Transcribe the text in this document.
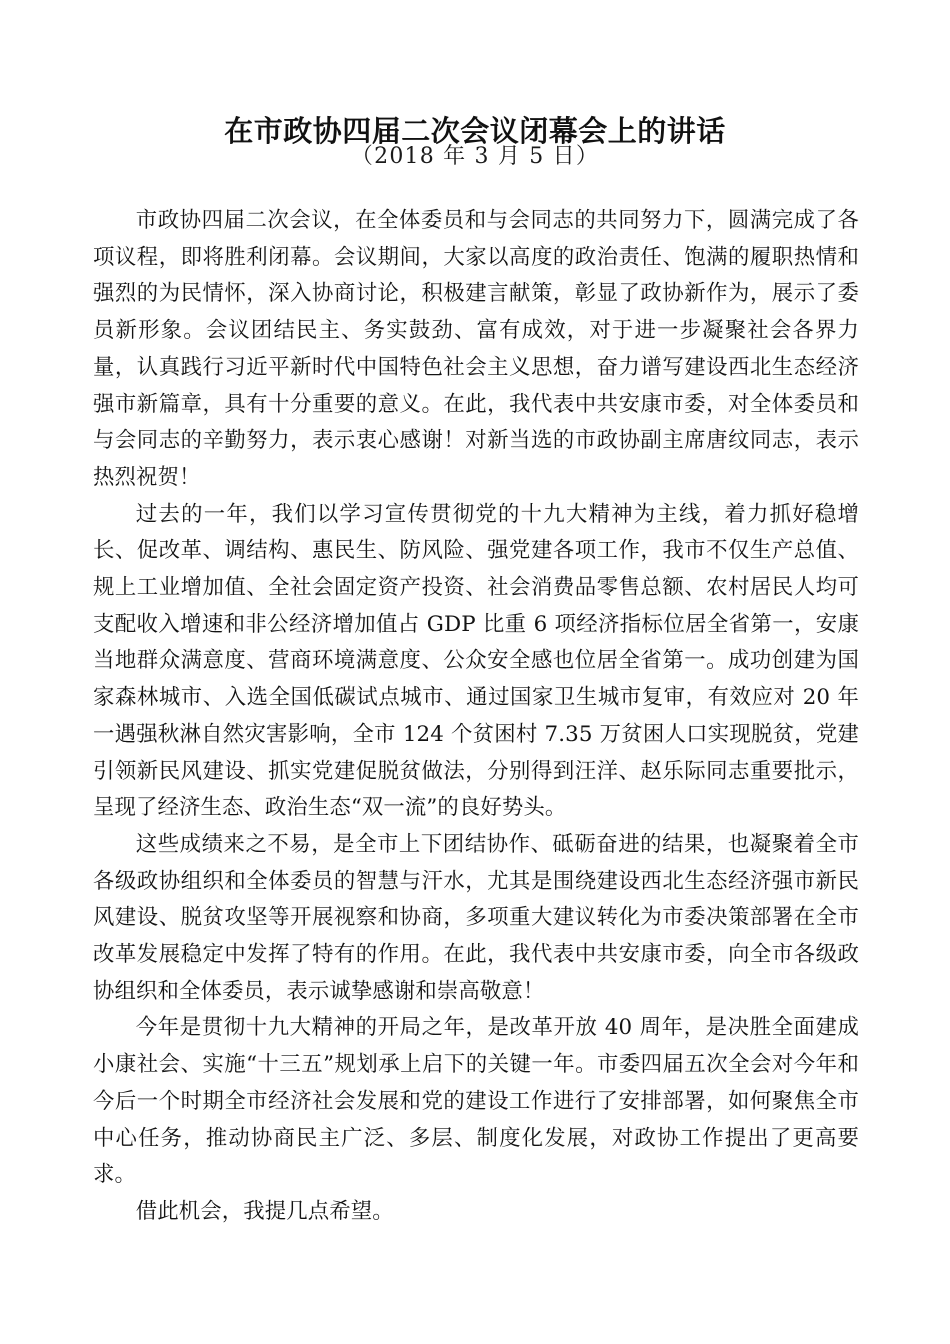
在市政协四届二次会议闭幕会上的讲话
（2018 年 3 月 5 日）

市政协四届二次会议，在全体委员和与会同志的共同努力下，圆满完成了各项议程，即将胜利闭幕。会议期间，大家以高度的政治责任、饱满的履职热情和强烈的为民情怀，深入协商讨论，积极建言献策，彰显了政协新作为，展示了委员新形象。会议团结民主、务实鼓劲、富有成效，对于进一步凝聚社会各界力量，认真践行习近平新时代中国特色社会主义思想，奋力谱写建设西北生态经济强市新篇章，具有十分重要的意义。在此，我代表中共安康市委，对全体委员和与会同志的辛勤努力，表示衷心感谢！对新当选的市政协副主席唐纹同志，表示热烈祝贺！

过去的一年，我们以学习宣传贯彻党的十九大精神为主线，着力抓好稳增长、促改革、调结构、惠民生、防风险、强党建各项工作，我市不仅生产总值、规上工业增加值、全社会固定资产投资、社会消费品零售总额、农村居民人均可支配收入增速和非公经济增加值占 GDP 比重 6 项经济指标位居全省第一，安康当地群众满意度、营商环境满意度、公众安全感也位居全省第一。成功创建为国家森林城市、入选全国低碳试点城市、通过国家卫生城市复审，有效应对 20 年一遇强秋淋自然灾害影响，全市 124 个贫困村 7.35 万贫困人口实现脱贫，党建引领新民风建设、抓实党建促脱贫做法，分别得到汪洋、赵乐际同志重要批示，呈现了经济生态、政治生态“双一流”的良好势头。

这些成绩来之不易，是全市上下团结协作、砥砺奋进的结果，也凝聚着全市各级政协组织和全体委员的智慧与汗水，尤其是围绕建设西北生态经济强市新民风建设、脱贫攻坚等开展视察和协商，多项重大建议转化为市委决策部署在全市改革发展稳定中发挥了特有的作用。在此，我代表中共安康市委，向全市各级政协组织和全体委员，表示诚挚感谢和崇高敬意！

今年是贯彻十九大精神的开局之年，是改革开放 40 周年，是决胜全面建成小康社会、实施“十三五”规划承上启下的关键一年。市委四届五次全会对今年和今后一个时期全市经济社会发展和党的建设工作进行了安排部署，如何聚焦全市中心任务，推动协商民主广泛、多层、制度化发展，对政协工作提出了更高要求。

借此机会，我提几点希望。
